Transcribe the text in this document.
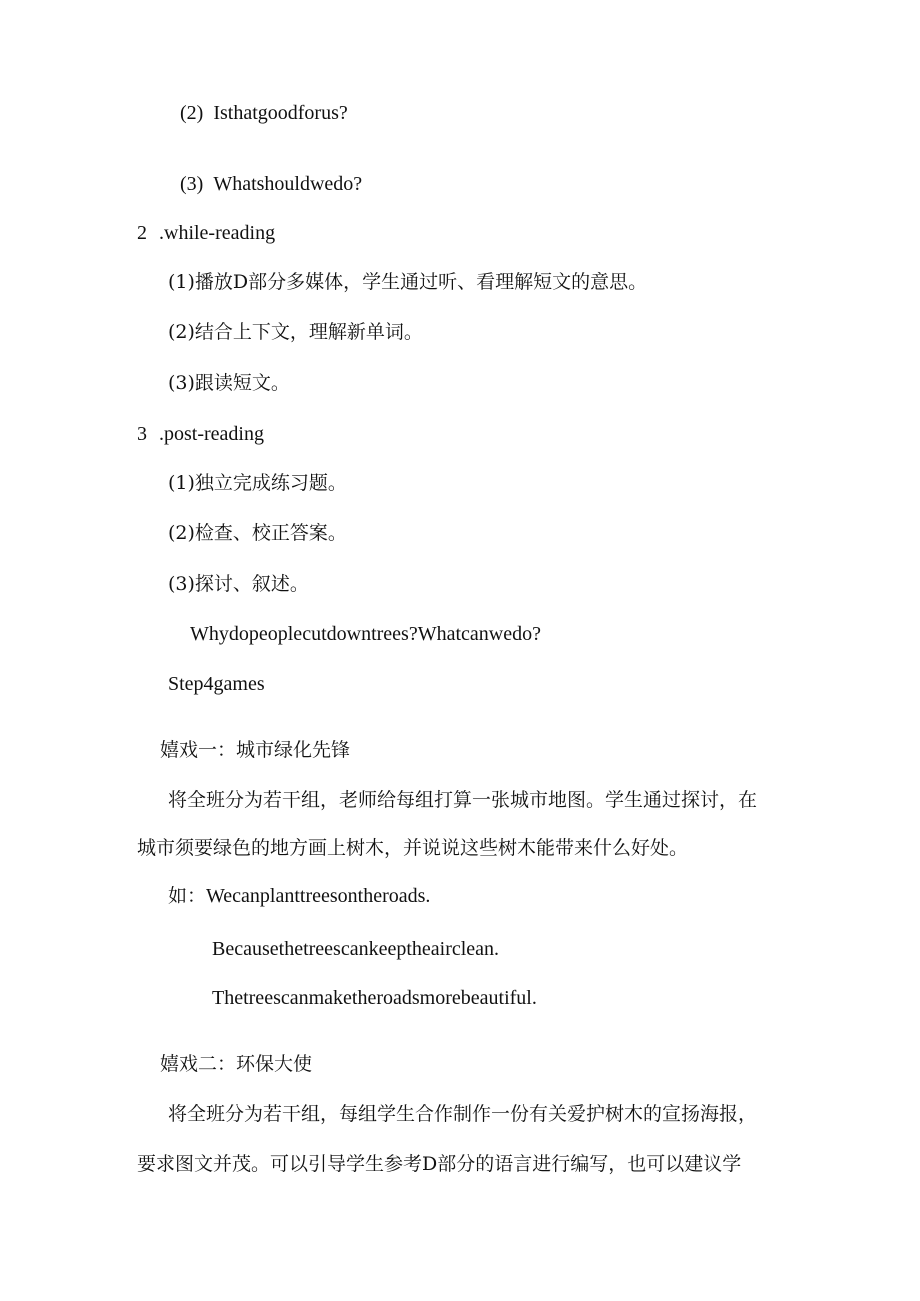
(2) Isthatgoodforus?

(3) Whatshouldwedo?

2 .while-reading

(1)播放D部分多媒体，学生通过听、看理解短文的意思。

(2)结合上下文，理解新单词。

(3)跟读短文。

3 .post-reading

(1)独立完成练习题。

(2)检查、校正答案。

(3)探讨、叙述。

Whydopeoplecutdowntrees?Whatcanwedo?

Step4games

嬉戏一：城市绿化先锋

将全班分为若干组，老师给每组打算一张城市地图。学生通过探讨，在

城市须要绿色的地方画上树木，并说说这些树木能带来什么好处。

如：Wecanplanttreesontheroads.

Becausethetreescankeeptheairclean.

Thetreescanmaketheroadsmorebeautiful.

嬉戏二：环保大使

将全班分为若干组，每组学生合作制作一份有关爱护树木的宣扬海报，

要求图文并茂。可以引导学生参考D部分的语言进行编写，也可以建议学
